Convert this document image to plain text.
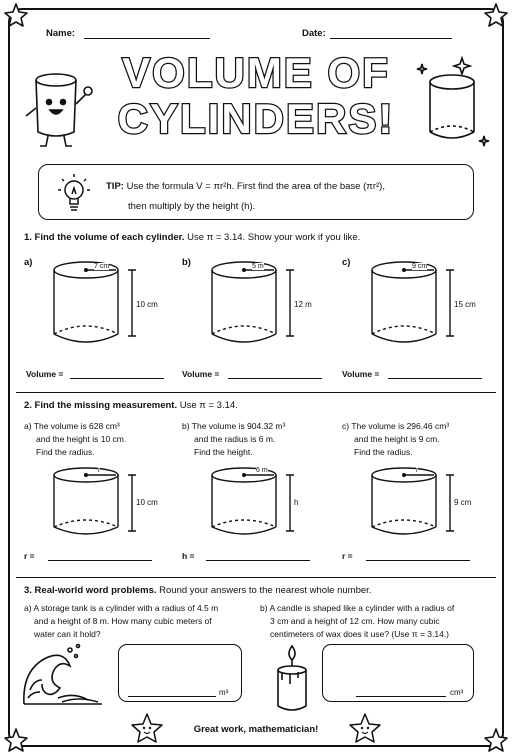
Name:	Date:
VOLUME OF
CYLINDERS!
TIP: Use the formula V = πr²h. First find the area of the base (πr²),
then multiply by the height (h).
1. Find the volume of each cylinder. Use π = 3.14. Show your work if you like.
a)	7 cm
10 cm
Volume =
b)	5 m
12 m
Volume =
c)	9 cm
15 cm
Volume =
2. Find the missing measurement. Use π = 3.14.
a) The volume is 628 cm³
and the height is 10 cm.
Find the radius.
r
10 cm
r =
b) The volume is 904.32 m³
and the radius is 6 m.
Find the height.
6 m
h
h =
c) The volume is 296.46 cm³
and the height is 9 cm.
Find the radius.
r
9 cm
r =
3. Real-world word problems. Round your answers to the nearest whole number.
a) A storage tank is a cylinder with a radius of 4.5 m
and a height of 8 m. How many cubic meters of
water can it hold?
b) A candle is shaped like a cylinder with a radius of
3 cm and a height of 12 cm. How many cubic
centimeters of wax does it use? (Use π = 3.14.)
m³	cm³
Great work, mathematician!
